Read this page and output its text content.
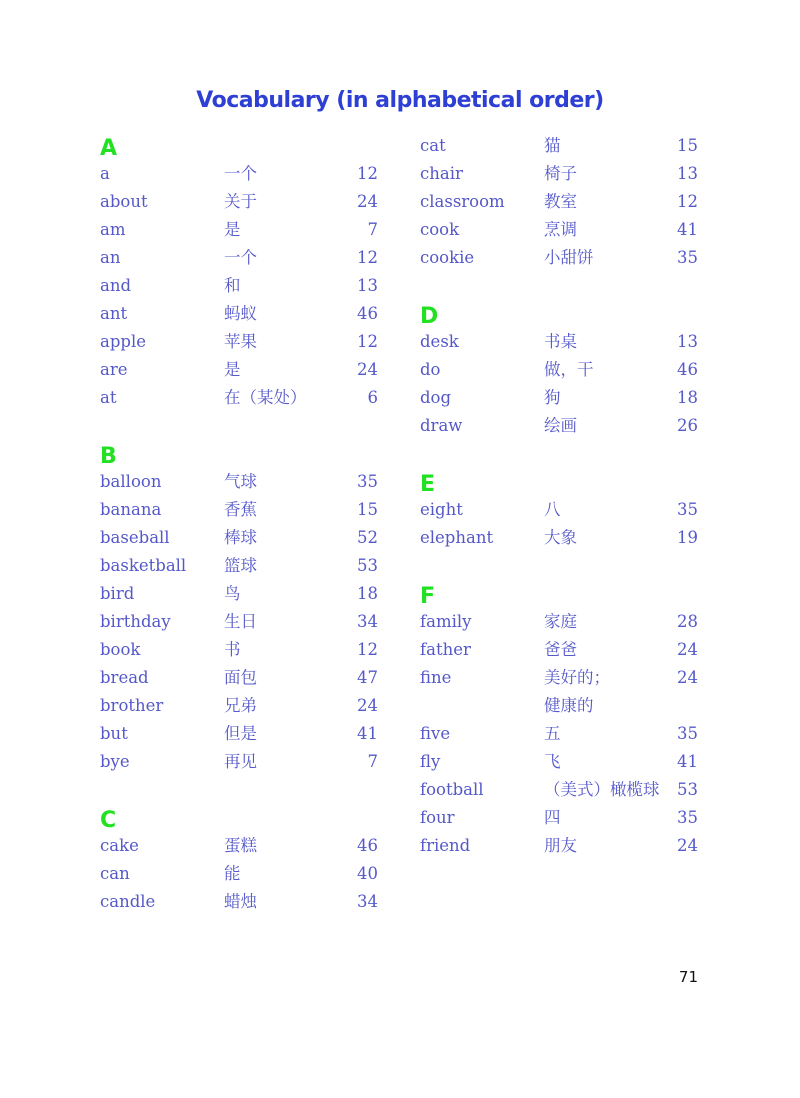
Vocabulary (in alphabetical order)
A
a	一个	12
about	关于	24
am	是	7
an	一个	12
and	和	13
ant	蚂蚁	46
apple	苹果	12
are	是	24
at	在（某处）	6
B
balloon	气球	35
banana	香蕉	15
baseball	棒球	52
basketball 篮球	53
bird	鸟	18
birthday	生日	34
book	书	12
bread	面包	47
brother	兄弟	24
but	但是	41
bye	再见	7
C
cake	蛋糕	46
can	能	40
candle	蜡烛	34
cat	猫	15
chair	椅子	13
classroom 教室	12
cook	烹调	41
cookie	小甜饼	35
D
desk	书桌	13
do	做，干	46
dog	狗	18
draw	绘画	26
E
eight	八	35
elephant	大象	19
F
family	家庭	28
father	爸爸	24
fine	美好的；	24
健康的
five	五	35
fly	飞	41
football	（美式）橄榄球 53
four	四	35
friend	朋友	24
71
